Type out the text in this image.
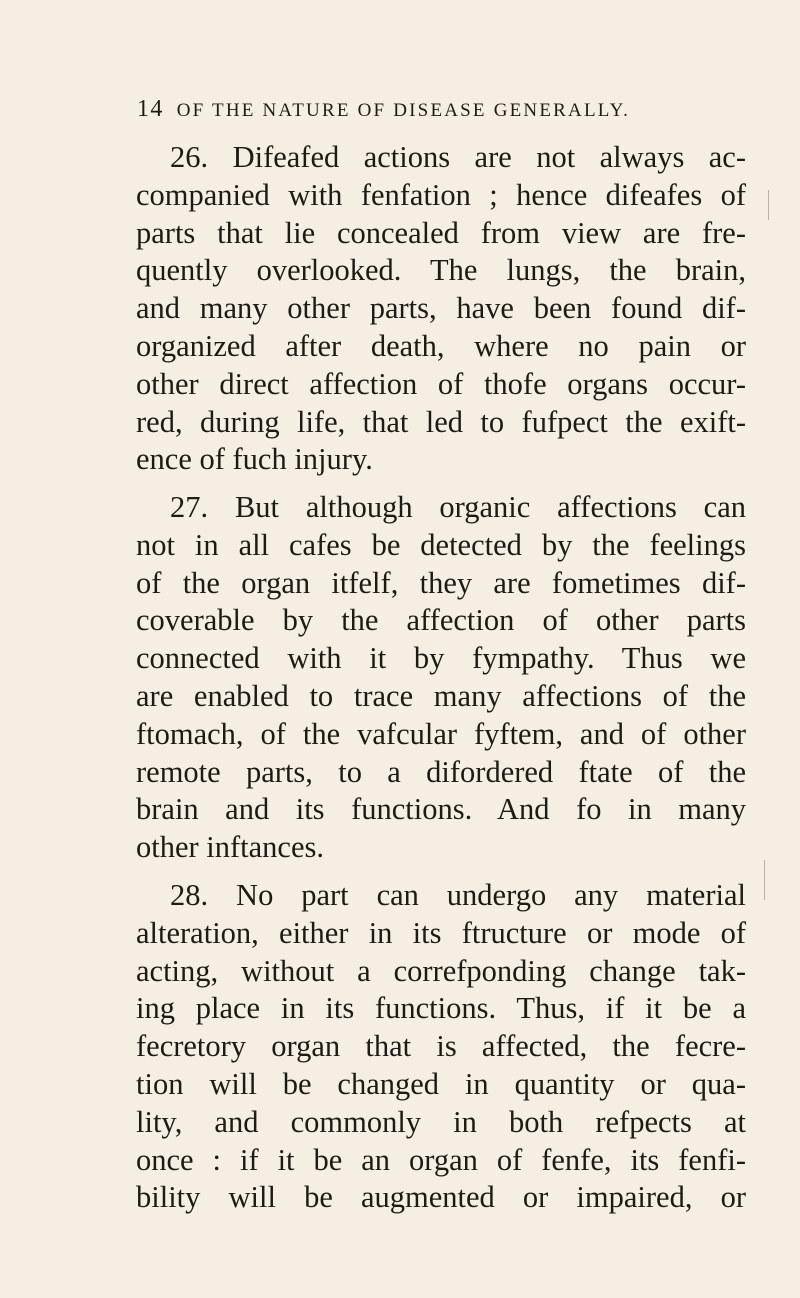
14 OF THE NATURE OF DISEASE GENERALLY.

26. Difeafed actions are not always ac-
companied with fenfation ; hence difeafes of
parts that lie concealed from view are fre-
quently overlooked. The lungs, the brain,
and many other parts, have been found dif-
organized after death, where no pain or
other direct affection of thofe organs occur-
red, during life, that led to fufpect the exift-
ence of fuch injury.

27. But although organic affections can
not in all cafes be detected by the feelings
of the organ itfelf, they are fometimes dif-
coverable by the affection of other parts
connected with it by fympathy. Thus we
are enabled to trace many affections of the
ftomach, of the vafcular fyftem, and of other
remote parts, to a difordered ftate of the
brain and its functions. And fo in many
other inftances.

28. No part can undergo any material
alteration, either in its ftructure or mode of
acting, without a correfponding change tak-
ing place in its functions. Thus, if it be a
fecretory organ that is affected, the fecre-
tion will be changed in quantity or qua-
lity, and commonly in both refpects at
once : if it be an organ of fenfe, its fenfi-
bility will be augmented or impaired, or
